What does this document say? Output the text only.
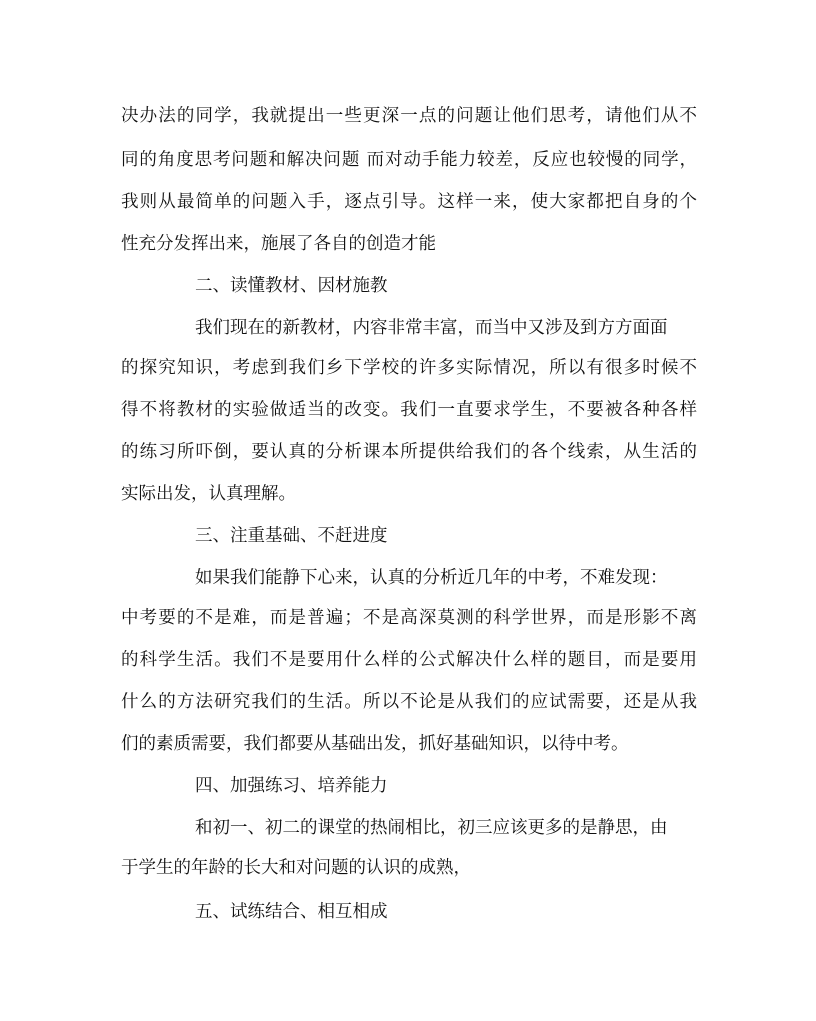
决办法的同学，我就提出一些更深一点的问题让他们思考，请他们从不
同的角度思考问题和解决问题 而对动手能力较差，反应也较慢的同学，
我则从最简单的问题入手，逐点引导。这样一来，使大家都把自身的个
性充分发挥出来，施展了各自的创造才能
二、读懂教材、因材施教
我们现在的新教材，内容非常丰富，而当中又涉及到方方面面
的探究知识，考虑到我们乡下学校的许多实际情况，所以有很多时候不
得不将教材的实验做适当的改变。我们一直要求学生，不要被各种各样
的练习所吓倒，要认真的分析课本所提供给我们的各个线索，从生活的
实际出发，认真理解。
三、注重基础、不赶进度
如果我们能静下心来，认真的分析近几年的中考，不难发现：
中考要的不是难，而是普遍；不是高深莫测的科学世界，而是形影不离
的科学生活。我们不是要用什么样的公式解决什么样的题目，而是要用
什么的方法研究我们的生活。所以不论是从我们的应试需要，还是从我
们的素质需要，我们都要从基础出发，抓好基础知识，以待中考。
四、加强练习、培养能力
和初一、初二的课堂的热闹相比，初三应该更多的是静思，由
于学生的年龄的长大和对问题的认识的成熟，
五、试练结合、相互相成
